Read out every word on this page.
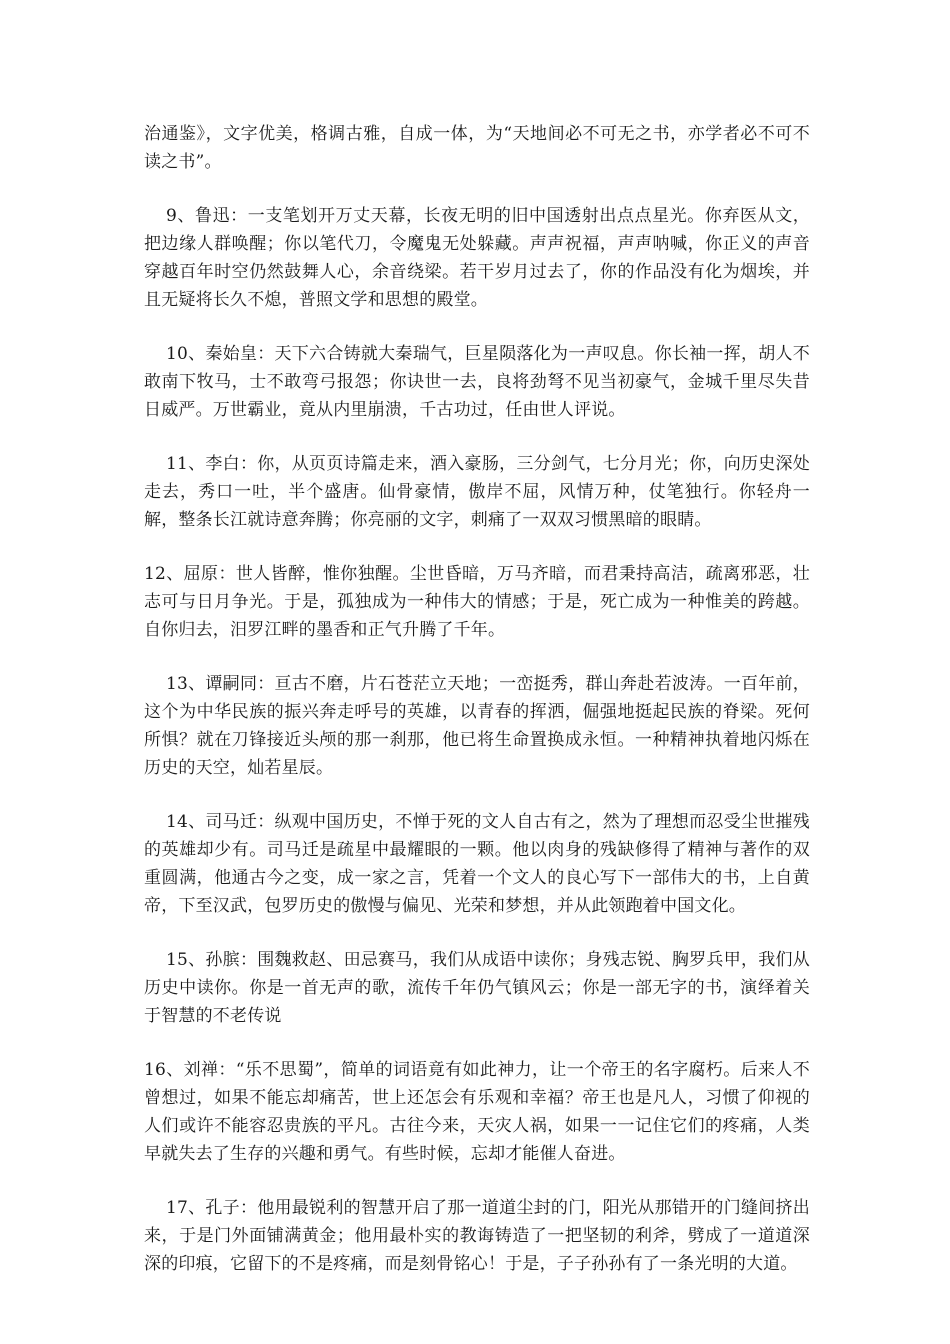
治通鉴》，文字优美，格调古雅，自成一体，为“天地间必不可无之书，亦学者必不可不读之书”。

9、鲁迅：一支笔划开万丈天幕，长夜无明的旧中国透射出点点星光。你弃医从文，把边缘人群唤醒；你以笔代刀，令魔鬼无处躲藏。声声祝福，声声呐喊，你正义的声音穿越百年时空仍然鼓舞人心，余音绕梁。若干岁月过去了，你的作品没有化为烟埃，并且无疑将长久不熄，普照文学和思想的殿堂。

10、秦始皇：天下六合铸就大秦瑞气，巨星陨落化为一声叹息。你长袖一挥，胡人不敢南下牧马，士不敢弯弓报怨；你诀世一去，良将劲弩不见当初豪气，金城千里尽失昔日威严。万世霸业，竟从内里崩溃，千古功过，任由世人评说。

11、李白：你，从页页诗篇走来，酒入豪肠，三分剑气，七分月光；你，向历史深处走去，秀口一吐，半个盛唐。仙骨豪情，傲岸不屈，风情万种，仗笔独行。你轻舟一解，整条长江就诗意奔腾；你亮丽的文字，刺痛了一双双习惯黑暗的眼睛。

12、屈原：世人皆醉，惟你独醒。尘世昏暗，万马齐暗，而君秉持高洁，疏离邪恶，壮志可与日月争光。于是，孤独成为一种伟大的情感；于是，死亡成为一种惟美的跨越。自你归去，汨罗江畔的墨香和正气升腾了千年。

13、谭嗣同：亘古不磨，片石苍茫立天地；一峦挺秀，群山奔赴若波涛。一百年前，这个为中华民族的振兴奔走呼号的英雄，以青春的挥洒，倔强地挺起民族的脊梁。死何所惧？就在刀锋接近头颅的那一刹那，他已将生命置换成永恒。一种精神执着地闪烁在历史的天空，灿若星辰。

14、司马迁：纵观中国历史，不惮于死的文人自古有之，然为了理想而忍受尘世摧残的英雄却少有。司马迁是疏星中最耀眼的一颗。他以肉身的残缺修得了精神与著作的双重圆满，他通古今之变，成一家之言，凭着一个文人的良心写下一部伟大的书，上自黄帝，下至汉武，包罗历史的傲慢与偏见、光荣和梦想，并从此领跑着中国文化。

15、孙膑：围魏救赵、田忌赛马，我们从成语中读你；身残志锐、胸罗兵甲，我们从历史中读你。你是一首无声的歌，流传千年仍气镇风云；你是一部无字的书，演绎着关于智慧的不老传说

16、刘禅：“乐不思蜀”，简单的词语竟有如此神力，让一个帝王的名字腐朽。后来人不曾想过，如果不能忘却痛苦，世上还怎会有乐观和幸福？帝王也是凡人，习惯了仰视的人们或许不能容忍贵族的平凡。古往今来，天灾人祸，如果一一记住它们的疼痛，人类早就失去了生存的兴趣和勇气。有些时候，忘却才能催人奋进。

17、孔子：他用最锐利的智慧开启了那一道道尘封的门，阳光从那错开的门缝间挤出来，于是门外面铺满黄金；他用最朴实的教诲铸造了一把坚韧的利斧，劈成了一道道深深的印痕，它留下的不是疼痛，而是刻骨铭心！于是，子子孙孙有了一条光明的大道。
